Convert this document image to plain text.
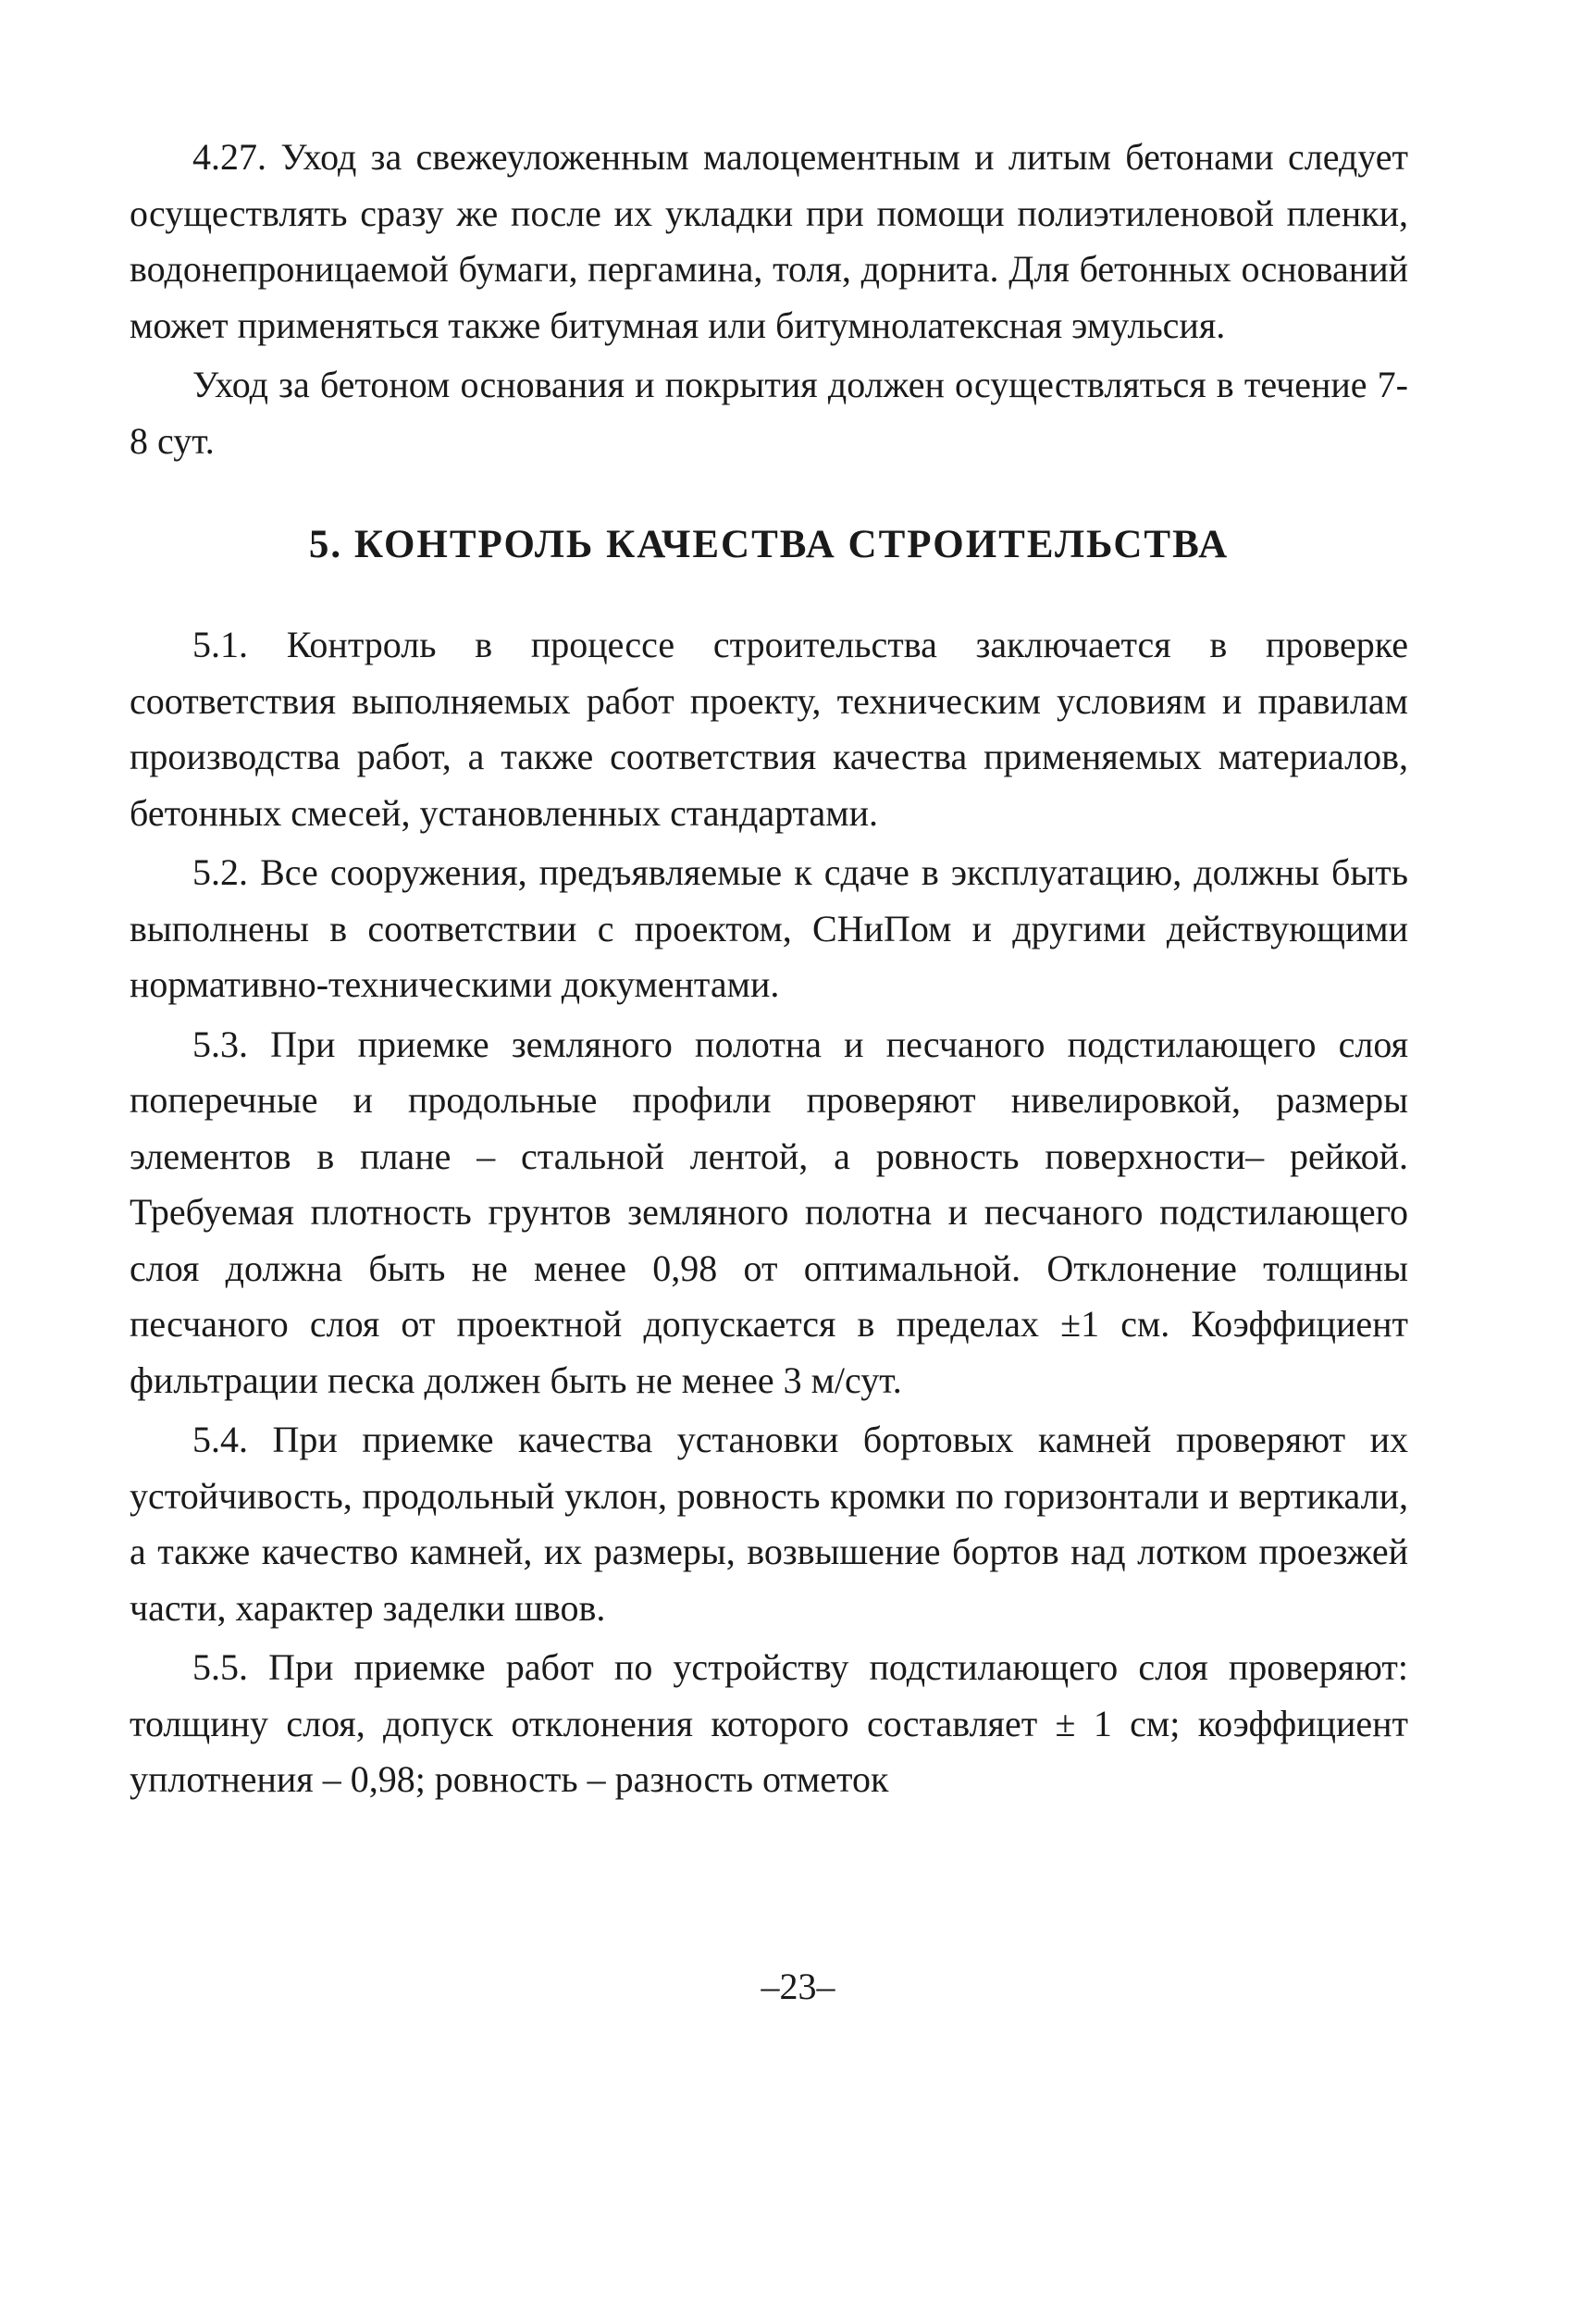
4.27. Уход за свежеуложенным малоцементным и литым бетонами следует осуществлять сразу же после их укладки при помощи полиэтиленовой пленки, водонепроницаемой бумаги, пергамина, толя, дорнита. Для бетонных оснований может применяться также битумная или битумнолатексная эмульсия.

Уход за бетоном основания и покрытия должен осуществляться в течение 7-8 сут.

5. КОНТРОЛЬ КАЧЕСТВА СТРОИТЕЛЬСТВА

5.1. Контроль в процессе строительства заключается в проверке соответствия выполняемых работ проекту, техническим условиям и правилам производства работ, а также соответствия качества применяемых материалов, бетонных смесей, установленных стандартами.

5.2. Все сооружения, предъявляемые к сдаче в эксплуатацию, должны быть выполнены в соответствии с проектом, СНиПом и другими действующими нормативно-техническими документами.

5.3. При приемке земляного полотна и песчаного подстилающего слоя поперечные и продольные профили проверяют нивелировкой, размеры элементов в плане – стальной лентой, а ровность поверхности– рейкой. Требуемая плотность грунтов земляного полотна и песчаного подстилающего слоя должна быть не менее 0,98 от оптимальной. Отклонение толщины песчаного слоя от проектной допускается в пределах ±1 см. Коэффициент фильтрации песка должен быть не менее 3 м/сут.

5.4. При приемке качества установки бортовых камней проверяют их устойчивость, продольный уклон, ровность кромки по горизонтали и вертикали, а также качество камней, их размеры, возвышение бортов над лотком проезжей части, характер заделки швов.

5.5. При приемке работ по устройству подстилающего слоя проверяют: толщину слоя, допуск отклонения которого составляет ± 1 см; коэффициент уплотнения – 0,98; ровность – разность отметок

–23–
